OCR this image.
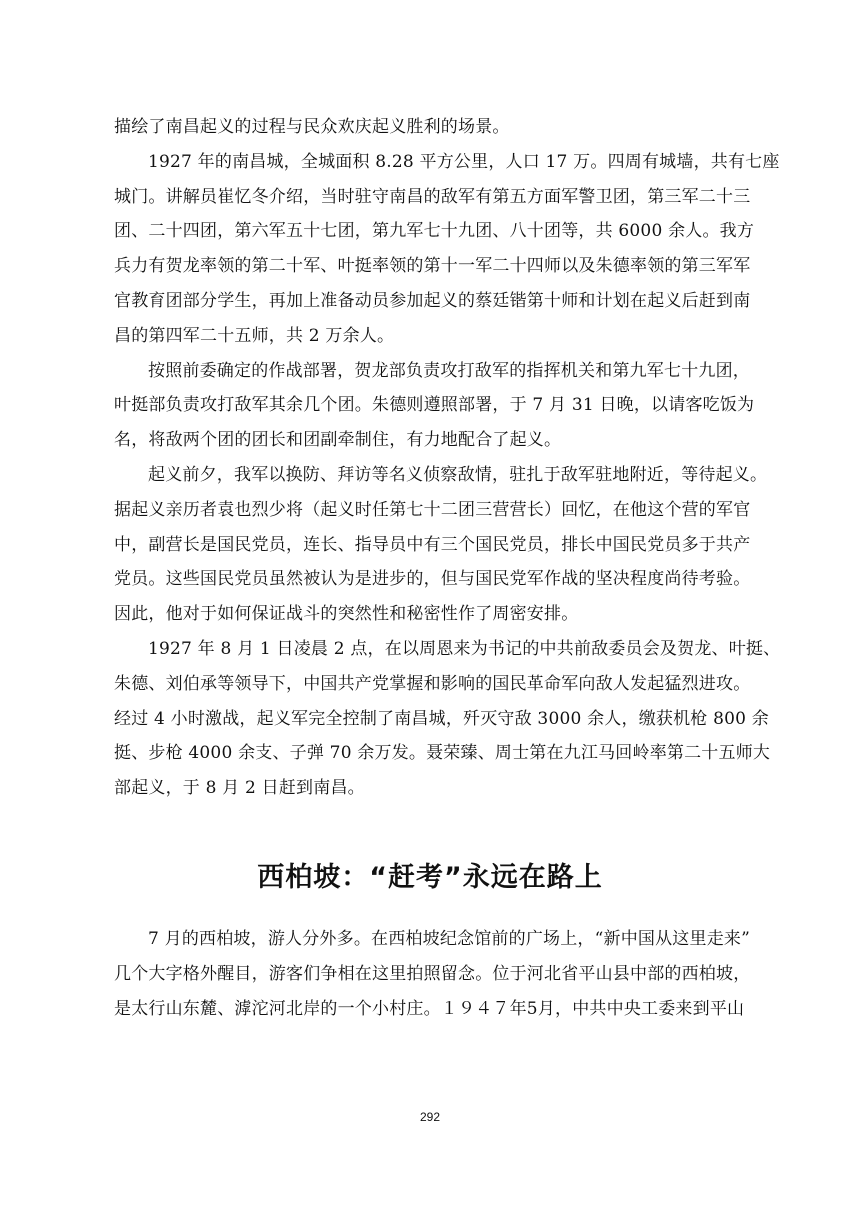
描绘了南昌起义的过程与民众欢庆起义胜利的场景。
1927 年的南昌城，全城面积 8.28 平方公里，人口 17 万。四周有城墙，共有七座
城门。讲解员崔忆冬介绍，当时驻守南昌的敌军有第五方面军警卫团，第三军二十三
团、二十四团，第六军五十七团，第九军七十九团、八十团等，共 6000 余人。我方
兵力有贺龙率领的第二十军、叶挺率领的第十一军二十四师以及朱德率领的第三军军
官教育团部分学生，再加上准备动员参加起义的蔡廷锴第十师和计划在起义后赶到南
昌的第四军二十五师，共 2 万余人。
按照前委确定的作战部署，贺龙部负责攻打敌军的指挥机关和第九军七十九团，
叶挺部负责攻打敌军其余几个团。朱德则遵照部署，于 7 月 31 日晚，以请客吃饭为
名，将敌两个团的团长和团副牵制住，有力地配合了起义。
起义前夕，我军以换防、拜访等名义侦察敌情，驻扎于敌军驻地附近，等待起义。
据起义亲历者袁也烈少将（起义时任第七十二团三营营长）回忆，在他这个营的军官
中，副营长是国民党员，连长、指导员中有三个国民党员，排长中国民党员多于共产
党员。这些国民党员虽然被认为是进步的，但与国民党军作战的坚决程度尚待考验。
因此，他对于如何保证战斗的突然性和秘密性作了周密安排。
1927 年 8 月 1 日凌晨 2 点，在以周恩来为书记的中共前敌委员会及贺龙、叶挺、
朱德、刘伯承等领导下，中国共产党掌握和影响的国民革命军向敌人发起猛烈进攻。
经过 4 小时激战，起义军完全控制了南昌城，歼灭守敌 3000 余人，缴获机枪 800 余
挺、步枪 4000 余支、子弹 70 余万发。聂荣臻、周士第在九江马回岭率第二十五师大
部起义，于 8 月 2 日赶到南昌。
西柏坡：“赶考”永远在路上
7 月的西柏坡，游人分外多。在西柏坡纪念馆前的广场上，“新中国从这里走来”
几个大字格外醒目，游客们争相在这里拍照留念。位于河北省平山县中部的西柏坡，
是太行山东麓、滹沱河北岸的一个小村庄。１９４７年5月，中共中央工委来到平山
292
